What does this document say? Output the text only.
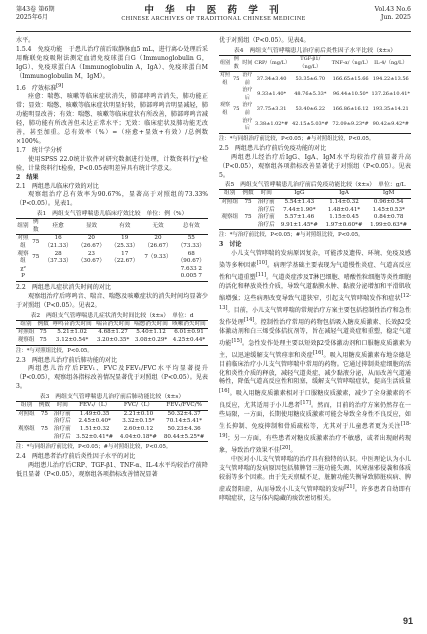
第43卷 第6期
2025年6月
中 华 中 医 药 学 刊
CHINESE ARCHIVES OF TRADITIONAL CHINESE MEDICINE
Vol.43 No.6
Jun. 2025

水平。

1.5.4　免疫功能　于患儿治疗前后取静脉血5 mL，进行离心处理后采用酶联免疫吸附法测定血清免疫球蛋白G（Immunoglobulin G，IgG）、免疫球蛋白A（Immunoglobulin A，IgA）、免疫球蛋白M（Immunoglobulin M，IgM）。

1.6　疗效标准[9]

痊愈：喘憋、咳嗽等临床症状消失，肺部哮鸣音消失，肺功能正常；显效：喘憋、咳嗽等临床症状明显好转，肺部哮鸣音明显减轻，肺功能明显改善；有效：喘憋、咳嗽等临床症状有所改善，肺部哮鸣音减轻，肺功能有所改善但未达正常水平；无效：临床症状及肺功能无改善，甚至加重。总有效率（%）=（痊愈+显效+有效）/总例数×100%。

1.7　统计学分析

使用SPSS 22.0统计软件对研究数据进行处理，计数资料行χ²检验，计量资料行t检验，P<0.05表明差异具有统计学意义。

2　结果

2.1　两组患儿临床疗效的对比

观察组治疗总有效率为90.67%，显著高于对照组的73.33%（P<0.05）。见表1。

表1　两组支气管哮喘患儿临床疗效比较　单位：例（%）
组别	例数	痊愈	显效	有效	无效	总有效
对照组	75	16（21.33）	20（26.67）	19（25.33）	20（26.67）	55（73.33）
观察组	75	28（37.33）	23（30.67）	17（22.67）	7（9.33）	68（90.67）
χ²						7.633 2
P						0.005 7

2.2　两组患儿症状消失时间的对比

观察组治疗后哮鸣音、喘音、喘憋及咳嗽症状的消失时间均显著少于对照组（P<0.05）。见表2。

表2　两组支气管哮喘患儿症状消失时间比较（x̄±s）　单位：d
组别	例数	哮鸣音消失时间	喘音消失时间	喘憋消失时间	咳嗽消失时间
对照组	75	5.21±1.02	4.68±1.27	5.40±1.12	6.01±0.91
观察组	75	3.12±0.54*	3.20±0.35*	3.08±0.29*	4.25±0.44*
注：*与对照组比较，P<0.05。

2.3　两组患儿治疗前后肺功能的对比

两组患儿治疗后FEV₁、FVC及FEV₁/FVC水平均显著提升（P<0.05），观察组各指标改善情况显著优于对照组（P<0.05）。见表3。

表3　两组支气管哮喘患儿治疗前后肺功能比较（x̄±s）
组别	例数	时间	FEV₁/（L）	FVC/（L）	FEV₁/FVC/%
对照组	75	治疗前	1.49±0.35	2.21±0.10	50.32±4.37
		治疗后	2.45±0.40*	3.32±0.15*	70.14±5.41*
观察组	75	治疗前	1.51±0.32	2.60±0.12	50.23±4.36
		治疗后	3.52±0.41*#	4.04±0.18*#	80.44±5.25*#
注：*与同组治疗前比较，P<0.05；#与对照组比较，P<0.05。

2.4　两组患者治疗前后炎性因子水平的对比

两组患儿治疗后CRP、TGF-β1、TNF-α、IL-4水平均较治疗前降低且显著（P<0.05），观察组各项指标改善情况显著

优于对照组（P<0.05）。见表4。

表4　两组支气管哮喘患儿治疗前后炎性因子水平比较（x̄±s）
组别	例数	时间	CRP/（mg/L）	TGF-β1/（ng/L）	TNF-α/（ng/L）	IL-4/（ng/L）
对照组	75	治疗前	37.34±3.40	53.35±6.70	166.65±15.66	194.22±13.56
		治疗后	9.33±1.40*	48.76±5.33*	96.44±10.50*	137.26±10.41*
观察组	75	治疗前	37.75±3.31	53.40±6.22	166.86±16.12	193.35±14.21
		治疗后	3.38±1.02*#	42.15±5.03*#	72.09±9.23*#	90.42±9.42*#
注：*与同组治疗前比较，P<0.05；#与对照组比较，P<0.05。

2.5　两组患儿治疗前后免疫功能的对比

两组患儿经治疗后IgG、IgA、IgM水平均较治疗前显著升高（P<0.05），观察组各项指标改善显著优于对照组（P<0.05）。见表5。

表5　两组支气管哮喘患儿治疗前后免疫功能比较（x̄±s）　单位：g/L
组别	例数	时间	IgG	IgA	IgM
对照组	75	治疗前	5.54±1.43	1.14±0.32	0.96±0.54
		治疗后	7.44±1.90*	1.48±0.41*	1.45±0.53*
观察组	75	治疗前	5.57±1.46	1.15±0.45	0.84±0.78
		治疗后	9.91±1.45*#	1.97±0.60*#	1.99±0.63*#
注：*与治疗前比较，P<0.05；#与对照组比较，P<0.05。

3　讨论

小儿支气管哮喘的发病原因复杂，可能涉及遗传、环境、免疫及感染等多种因素[10]。病理学基础主要表现为气道慢性炎症、气道高反应性和气道重塑[11]。气道炎症涉及T淋巴细胞、嗜酸性粒细胞等炎性细胞的活化和释放炎性介质，导致气道黏膜水肿、黏液分泌增加和平滑肌收缩增强；这些病理改变导致气道狭窄，引起支气管哮喘发作和症状[12-13]。目前，小儿支气管哮喘的常规治疗方案主要包括控制性治疗和急性发作处理[14]。控制性治疗常用的药物包括吸入糖皮质激素、长效β2受体激动剂和白三烯受体拮抗剂等，旨在减轻气道炎症和重塑，稳定气道功能[15]。急性发作处理主要以短效β2受体激动剂和口服糖皮质激素为主，以迅速缓解支气管痉挛和炎症[16]。吸入用糖皮质激素布地奈德是目前临床治疗小儿支气管哮喘中常用的药物。它通过抑制炎症细胞的活化和炎性介质的释放，减轻气道炎症，减少黏液分泌，从而改善气道通畅性，降低气道高反应性和阻塞，缓解支气管哮喘症状，提高生活质量[16]。吸入用糖皮质激素相对于口服糖皮质激素，减少了全身激素的不良反应，尤其适用于小儿患者[17]。然而，目前的治疗方案仍然存在一些局限，一方面，长期使用糖皮质激素可能会导致全身性不良反应，如生长抑制、免疫抑制和骨质疏松等，尤其对于儿童患者更为关注[18-19]；另一方面，有些患者对糖皮质激素治疗不敏感，或者出现耐药现象，导致治疗效果不佳[20]。

中医对小儿支气管哮喘的治疗具有独特的认识。中医理论认为小儿支气管哮喘的发病原因包括肺脾肾三脏功能失调、风寒湿邪侵袭和体质较弱等多个因素。由于先天禀赋不足，脏腑功能失衡导致肺脏疾病、脾虚或肾阳虚，从而导致小儿支气管哮喘的发病[21]。许多患者自幼即有哮喘症状，这与体内隐藏的痰饮密切相关。

91
